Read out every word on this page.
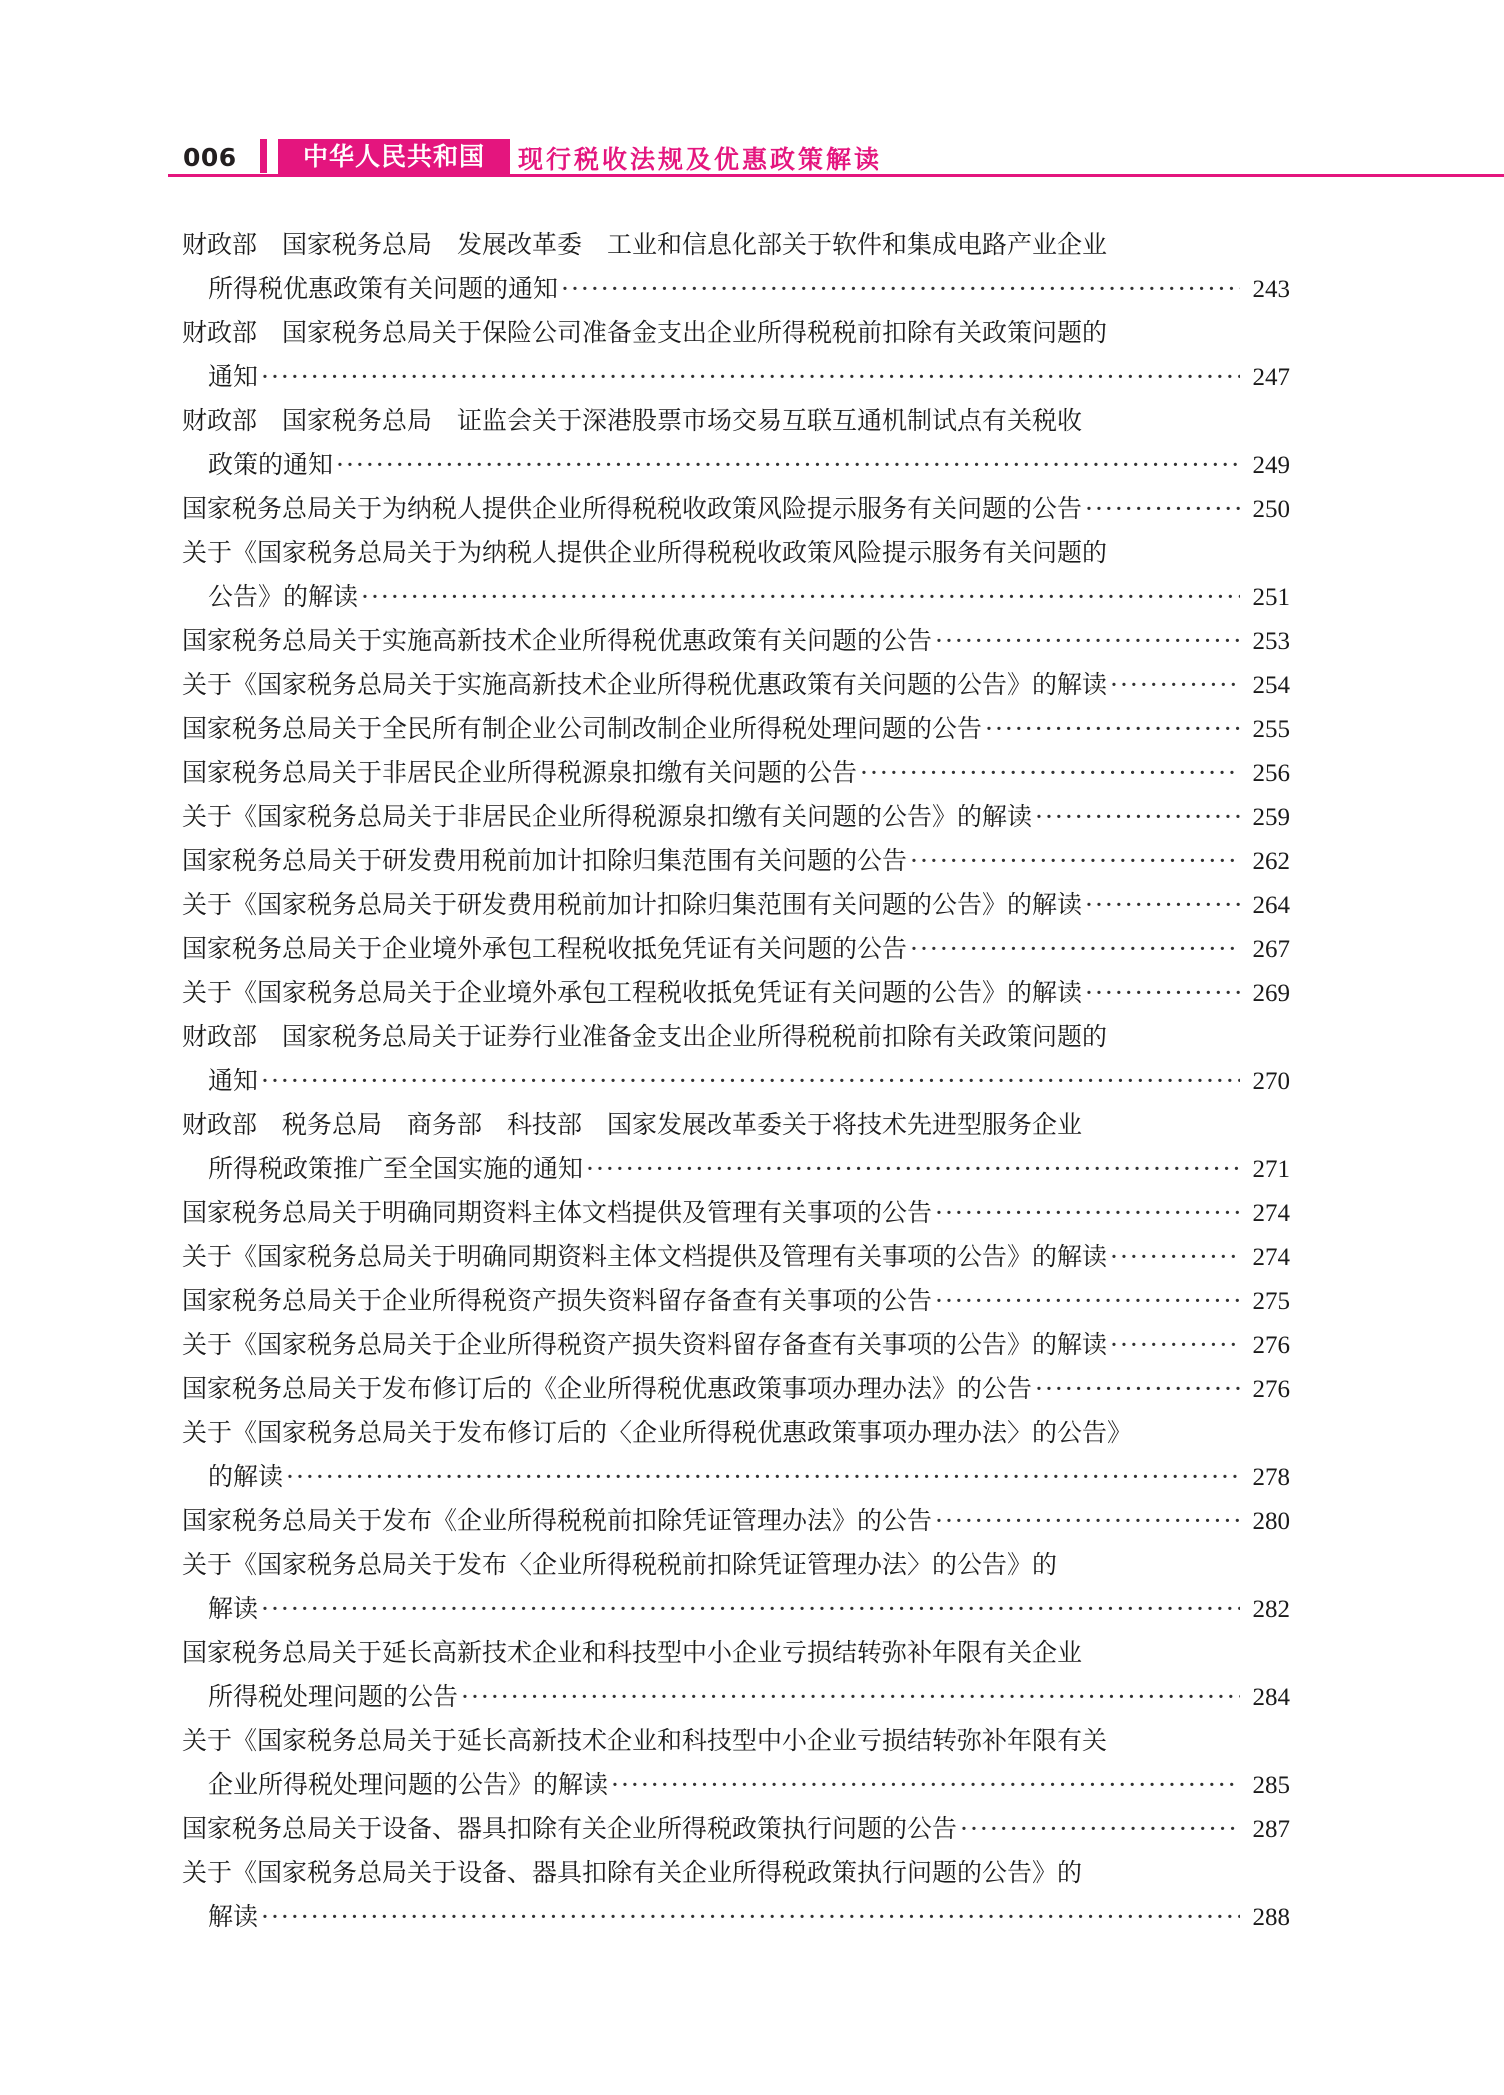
006	中华人民共和国	现行税收法规及优惠政策解读
财政部　国家税务总局　发展改革委　工业和信息化部关于软件和集成电路产业企业
所得税优惠政策有关问题的通知 ·····	243
财政部　国家税务总局关于保险公司准备金支出企业所得税税前扣除有关政策问题的
通知 ·····	247
财政部　国家税务总局　证监会关于深港股票市场交易互联互通机制试点有关税收
政策的通知 ·····	249
国家税务总局关于为纳税人提供企业所得税税收政策风险提示服务有关问题的公告 ·····	250
关于《国家税务总局关于为纳税人提供企业所得税税收政策风险提示服务有关问题的
公告》的解读 ·····	251
国家税务总局关于实施高新技术企业所得税优惠政策有关问题的公告 ·····	253
关于《国家税务总局关于实施高新技术企业所得税优惠政策有关问题的公告》的解读 ·····	254
国家税务总局关于全民所有制企业公司制改制企业所得税处理问题的公告 ·····	255
国家税务总局关于非居民企业所得税源泉扣缴有关问题的公告 ·····	256
关于《国家税务总局关于非居民企业所得税源泉扣缴有关问题的公告》的解读 ·····	259
国家税务总局关于研发费用税前加计扣除归集范围有关问题的公告 ·····	262
关于《国家税务总局关于研发费用税前加计扣除归集范围有关问题的公告》的解读 ·····	264
国家税务总局关于企业境外承包工程税收抵免凭证有关问题的公告 ·····	267
关于《国家税务总局关于企业境外承包工程税收抵免凭证有关问题的公告》的解读 ·····	269
财政部　国家税务总局关于证券行业准备金支出企业所得税税前扣除有关政策问题的
通知 ·····	270
财政部　税务总局　商务部　科技部　国家发展改革委关于将技术先进型服务企业
所得税政策推广至全国实施的通知 ·····	271
国家税务总局关于明确同期资料主体文档提供及管理有关事项的公告 ·····	274
关于《国家税务总局关于明确同期资料主体文档提供及管理有关事项的公告》的解读 ·····	274
国家税务总局关于企业所得税资产损失资料留存备查有关事项的公告 ·····	275
关于《国家税务总局关于企业所得税资产损失资料留存备查有关事项的公告》的解读 ·····	276
国家税务总局关于发布修订后的《企业所得税优惠政策事项办理办法》的公告 ·····	276
关于《国家税务总局关于发布修订后的〈企业所得税优惠政策事项办理办法〉的公告》
的解读 ·····	278
国家税务总局关于发布《企业所得税税前扣除凭证管理办法》的公告 ·····	280
关于《国家税务总局关于发布〈企业所得税税前扣除凭证管理办法〉的公告》的
解读 ·····	282
国家税务总局关于延长高新技术企业和科技型中小企业亏损结转弥补年限有关企业
所得税处理问题的公告 ·····	284
关于《国家税务总局关于延长高新技术企业和科技型中小企业亏损结转弥补年限有关
企业所得税处理问题的公告》的解读 ·····	285
国家税务总局关于设备、器具扣除有关企业所得税政策执行问题的公告 ·····	287
关于《国家税务总局关于设备、器具扣除有关企业所得税政策执行问题的公告》的
解读 ·····	288
